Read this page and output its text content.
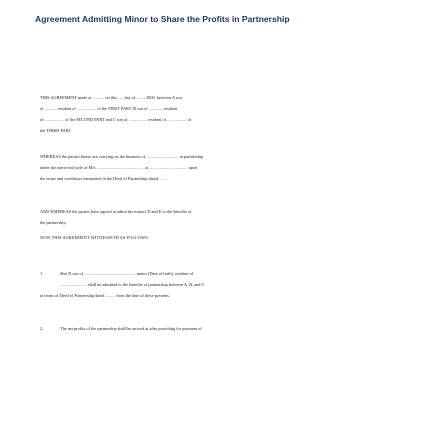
Agreement Admitting Minor to Share the Profits in Partnership
THIS AGREEMENT made at ........... on this ..... day of ......., 2000, between A son
of ........... resident of .................. of the FIRST PART, B son of ............. resident
of .................. of the SECOND PART and C son of ................. resident of .................. of
the THIRD PART.
WHEREAS the parties hereto are carrying on the business of .............................. in partnership
under the name and style of M/s ............................................ at .................................... upon
the terms and conditions mentioned in the Deed of Partnership dated ........
AND WHEREAS the parties have agreed to admit the minors D and E to the benefits of
the partnership.
NOW THIS AGREEMENT WITNESSETH AS FOLLOWS:
1.	Shri D son of ................................................ minor (Date of birth), resident of
......................... shall be admitted to the benefits of partnership between A, B, and 0
in terms of Deed of Partnership dated ......... from the date of these presents.
2.	The net profits of the partnership shall be arrived at after providing for payment of
